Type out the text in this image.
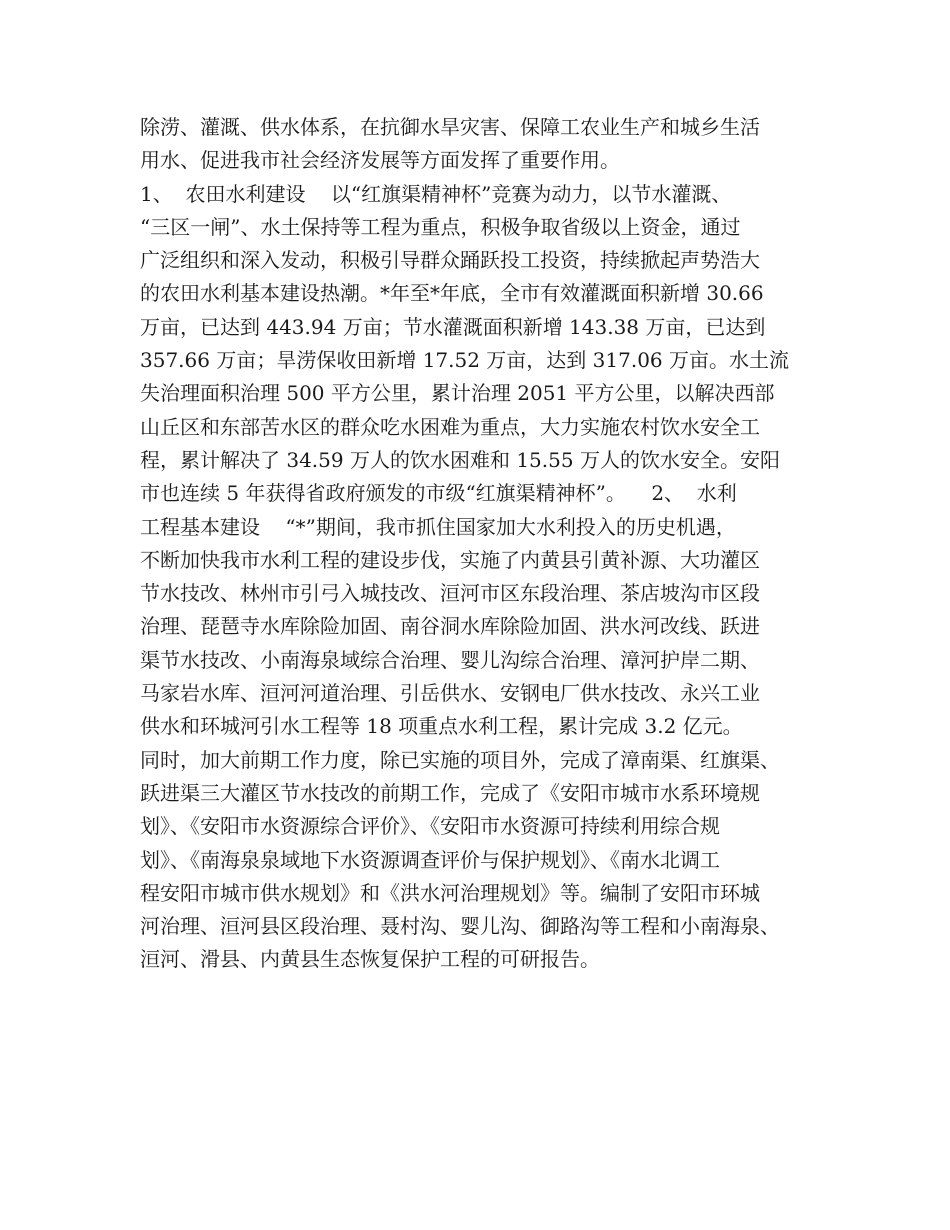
除涝、灌溉、供水体系，在抗御水旱灾害、保障工农业生产和城乡生活
用水、促进我市社会经济发展等方面发挥了重要作用。
1、  农田水利建设    以“红旗渠精神杯”竞赛为动力，以节水灌溉、
“三区一闸”、水土保持等工程为重点，积极争取省级以上资金，通过
广泛组织和深入发动，积极引导群众踊跃投工投资，持续掀起声势浩大
的农田水利基本建设热潮。*年至*年底，全市有效灌溉面积新增 30.66
万亩，已达到 443.94 万亩；节水灌溉面积新增 143.38 万亩，已达到
357.66 万亩；旱涝保收田新增 17.52 万亩，达到 317.06 万亩。水土流
失治理面积治理 500 平方公里，累计治理 2051 平方公里，以解决西部
山丘区和东部苦水区的群众吃水困难为重点，大力实施农村饮水安全工
程，累计解决了 34.59 万人的饮水困难和 15.55 万人的饮水安全。安阳
市也连续 5 年获得省政府颁发的市级“红旗渠精神杯”。    2、  水利
工程基本建设    “*”期间，我市抓住国家加大水利投入的历史机遇，
不断加快我市水利工程的建设步伐，实施了内黄县引黄补源、大功灌区
节水技改、林州市引弓入城技改、洹河市区东段治理、茶店坡沟市区段
治理、琵琶寺水库除险加固、南谷洞水库除险加固、洪水河改线、跃进
渠节水技改、小南海泉域综合治理、婴儿沟综合治理、漳河护岸二期、
马家岩水库、洹河河道治理、引岳供水、安钢电厂供水技改、永兴工业
供水和环城河引水工程等 18 项重点水利工程，累计完成 3.2 亿元。
同时，加大前期工作力度，除已实施的项目外，完成了漳南渠、红旗渠、
跃进渠三大灌区节水技改的前期工作，完成了《安阳市城市水系环境规
划》、《安阳市水资源综合评价》、《安阳市水资源可持续利用综合规
划》、《南海泉泉域地下水资源调查评价与保护规划》、《南水北调工
程安阳市城市供水规划》和《洪水河治理规划》等。编制了安阳市环城
河治理、洹河县区段治理、聂村沟、婴儿沟、御路沟等工程和小南海泉、
洹河、滑县、内黄县生态恢复保护工程的可研报告。
